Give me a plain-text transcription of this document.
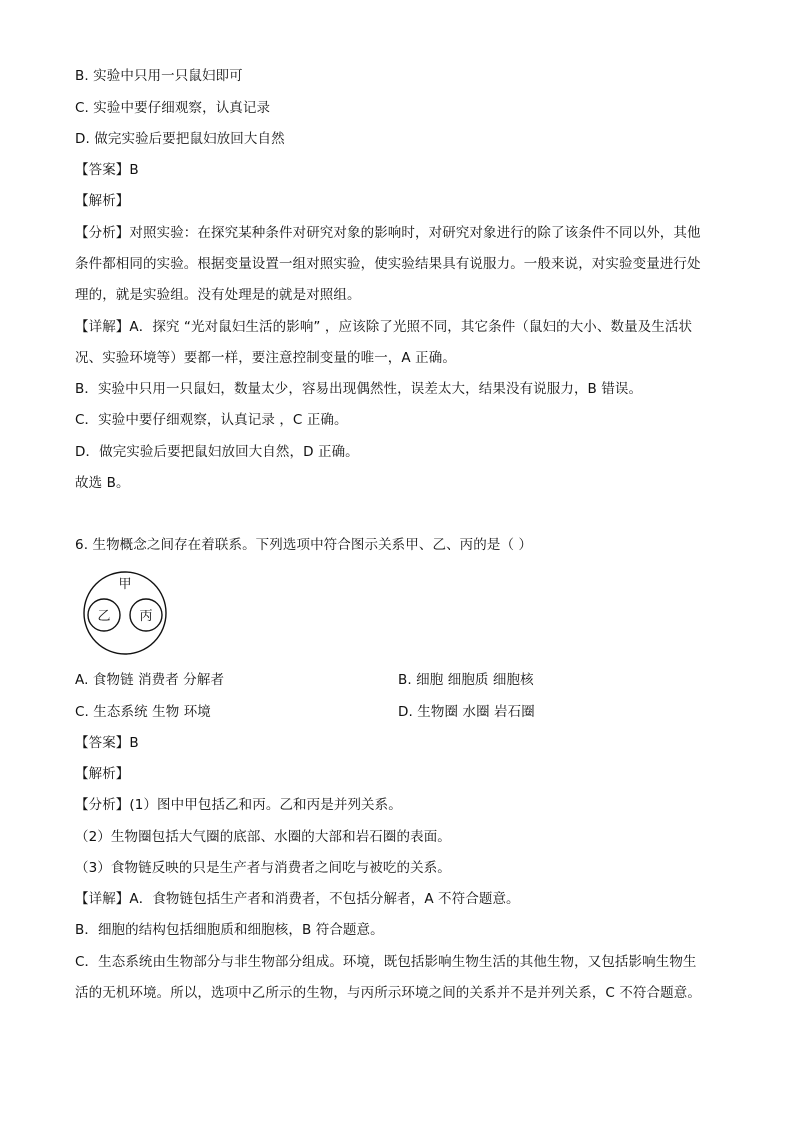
B. 实验中只用一只鼠妇即可
C. 实验中要仔细观察，认真记录
D. 做完实验后要把鼠妇放回大自然
【答案】B
【解析】
【分析】对照实验：在探究某种条件对研究对象的影响时，对研究对象进行的除了该条件不同以外，其他
条件都相同的实验。根据变量设置一组对照实验，使实验结果具有说服力。一般来说，对实验变量进行处
理的，就是实验组。没有处理是的就是对照组。
【详解】A．探究 “光对鼠妇生活的影响” ，应该除了光照不同，其它条件（鼠妇的大小、数量及生活状
况、实验环境等）要都一样，要注意控制变量的唯一，A 正确。
B．实验中只用一只鼠妇，数量太少，容易出现偶然性，误差太大，结果没有说服力，B 错误。
C．实验中要仔细观察，认真记录 ，C 正确。
D．做完实验后要把鼠妇放回大自然，D 正确。
故选 B。
6. 生物概念之间存在着联系。下列选项中符合图示关系甲、乙、丙的是（ ）
甲
乙 丙
A. 食物链 消费者 分解者	B. 细胞 细胞质 细胞核
C. 生态系统 生物 环境	D. 生物圈 水圈 岩石圈
【答案】B
【解析】
【分析】(1）图中甲包括乙和丙。乙和丙是并列关系。
（2）生物圈包括大气圈的底部、水圈的大部和岩石圈的表面。
（3）食物链反映的只是生产者与消费者之间吃与被吃的关系。
【详解】A．食物链包括生产者和消费者，不包括分解者，A 不符合题意。
B．细胞的结构包括细胞质和细胞核，B 符合题意。
C．生态系统由生物部分与非生物部分组成。环境，既包括影响生物生活的其他生物，又包括影响生物生
活的无机环境。所以，选项中乙所示的生物，与丙所示环境之间的关系并不是并列关系，C 不符合题意。
